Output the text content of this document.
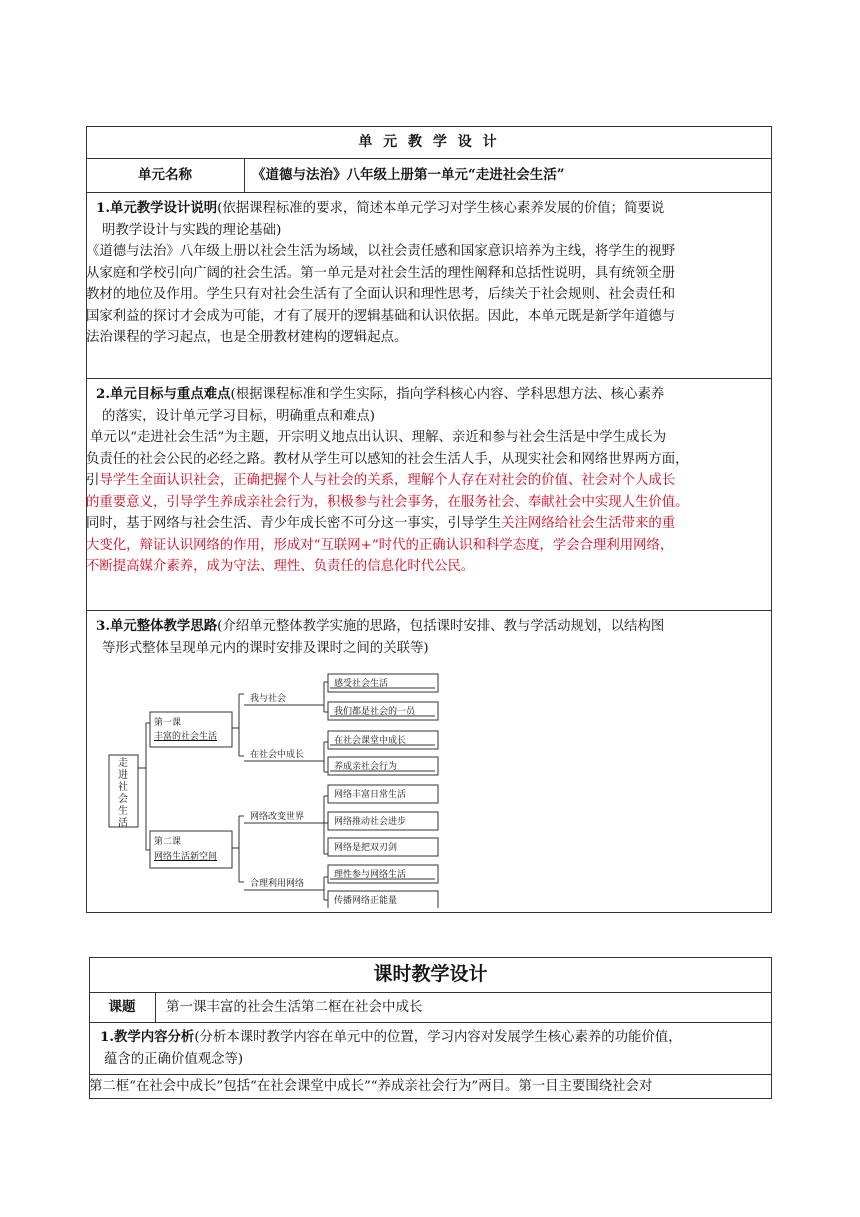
单 元 教 学 设 计
单元名称	《道德与法治》八年级上册第一单元“走进社会生活”
1.单元教学设计说明(依据课程标准的要求，简述本单元学习对学生核心素养发展的价值；简要说
明教学设计与实践的理论基础)
《道德与法治》八年级上册以社会生活为场域，以社会责任感和国家意识培养为主线，将学生的视野
从家庭和学校引向广阔的社会生活。第一单元是对社会生活的理性阐释和总括性说明，具有统领全册
教材的地位及作用。学生只有对社会生活有了全面认识和理性思考，后续关于社会规则、社会责任和
国家利益的探讨才会成为可能，才有了展开的逻辑基础和认识依据。因此，本单元既是新学年道德与
法治课程的学习起点，也是全册教材建构的逻辑起点。
2.单元目标与重点难点(根据课程标准和学生实际，指向学科核心内容、学科思想方法、核心素养
的落实，设计单元学习目标，明确重点和难点)
单元以“走进社会生活”为主题，开宗明义地点出认识、理解、亲近和参与社会生活是中学生成长为
负责任的社会公民的必经之路。教材从学生可以感知的社会生活人手，从现实社会和网络世界两方面，
引导学生全面认识社会，正确把握个人与社会的关系，理解个人存在对社会的价值、社会对个人成长
的重要意义，引导学生养成亲社会行为，积极参与社会事务，在服务社会、奉献社会中实现人生价值。
同时，基于网络与社会生活、青少年成长密不可分这一事实，引导学生关注网络给社会生活带来的重
大变化，辩证认识网络的作用，形成对“互联网+”时代的正确认识和科学态度，学会合理利用网络，
不断提高媒介素养，成为守法、理性、负责任的信息化时代公民。
3.单元整体教学思路(介绍单元整体教学实施的思路，包括课时安排、教与学活动规划，以结构图
等形式整体呈现单元内的课时安排及课时之间的关联等)
走进社会生活
第一课
丰富的社会生活
第二课
网络生活新空间
我与社会
在社会中成长
网络改变世界
合理利用网络
感受社会生活
我们都是社会的一员
在社会课堂中成长
养成亲社会行为
网络丰富日常生活
网络推动社会进步
网络是把双刃剑
理性参与网络生活
传播网络正能量
课时教学设计
课题	第一课丰富的社会生活第二框在社会中成长
1.教学内容分析(分析本课时教学内容在单元中的位置，学习内容对发展学生核心素养的功能价值，
蕴含的正确价值观念等)
第二框“在社会中成长”包括“在社会课堂中成长”“养成亲社会行为”两目。第一目主要围绕社会对
